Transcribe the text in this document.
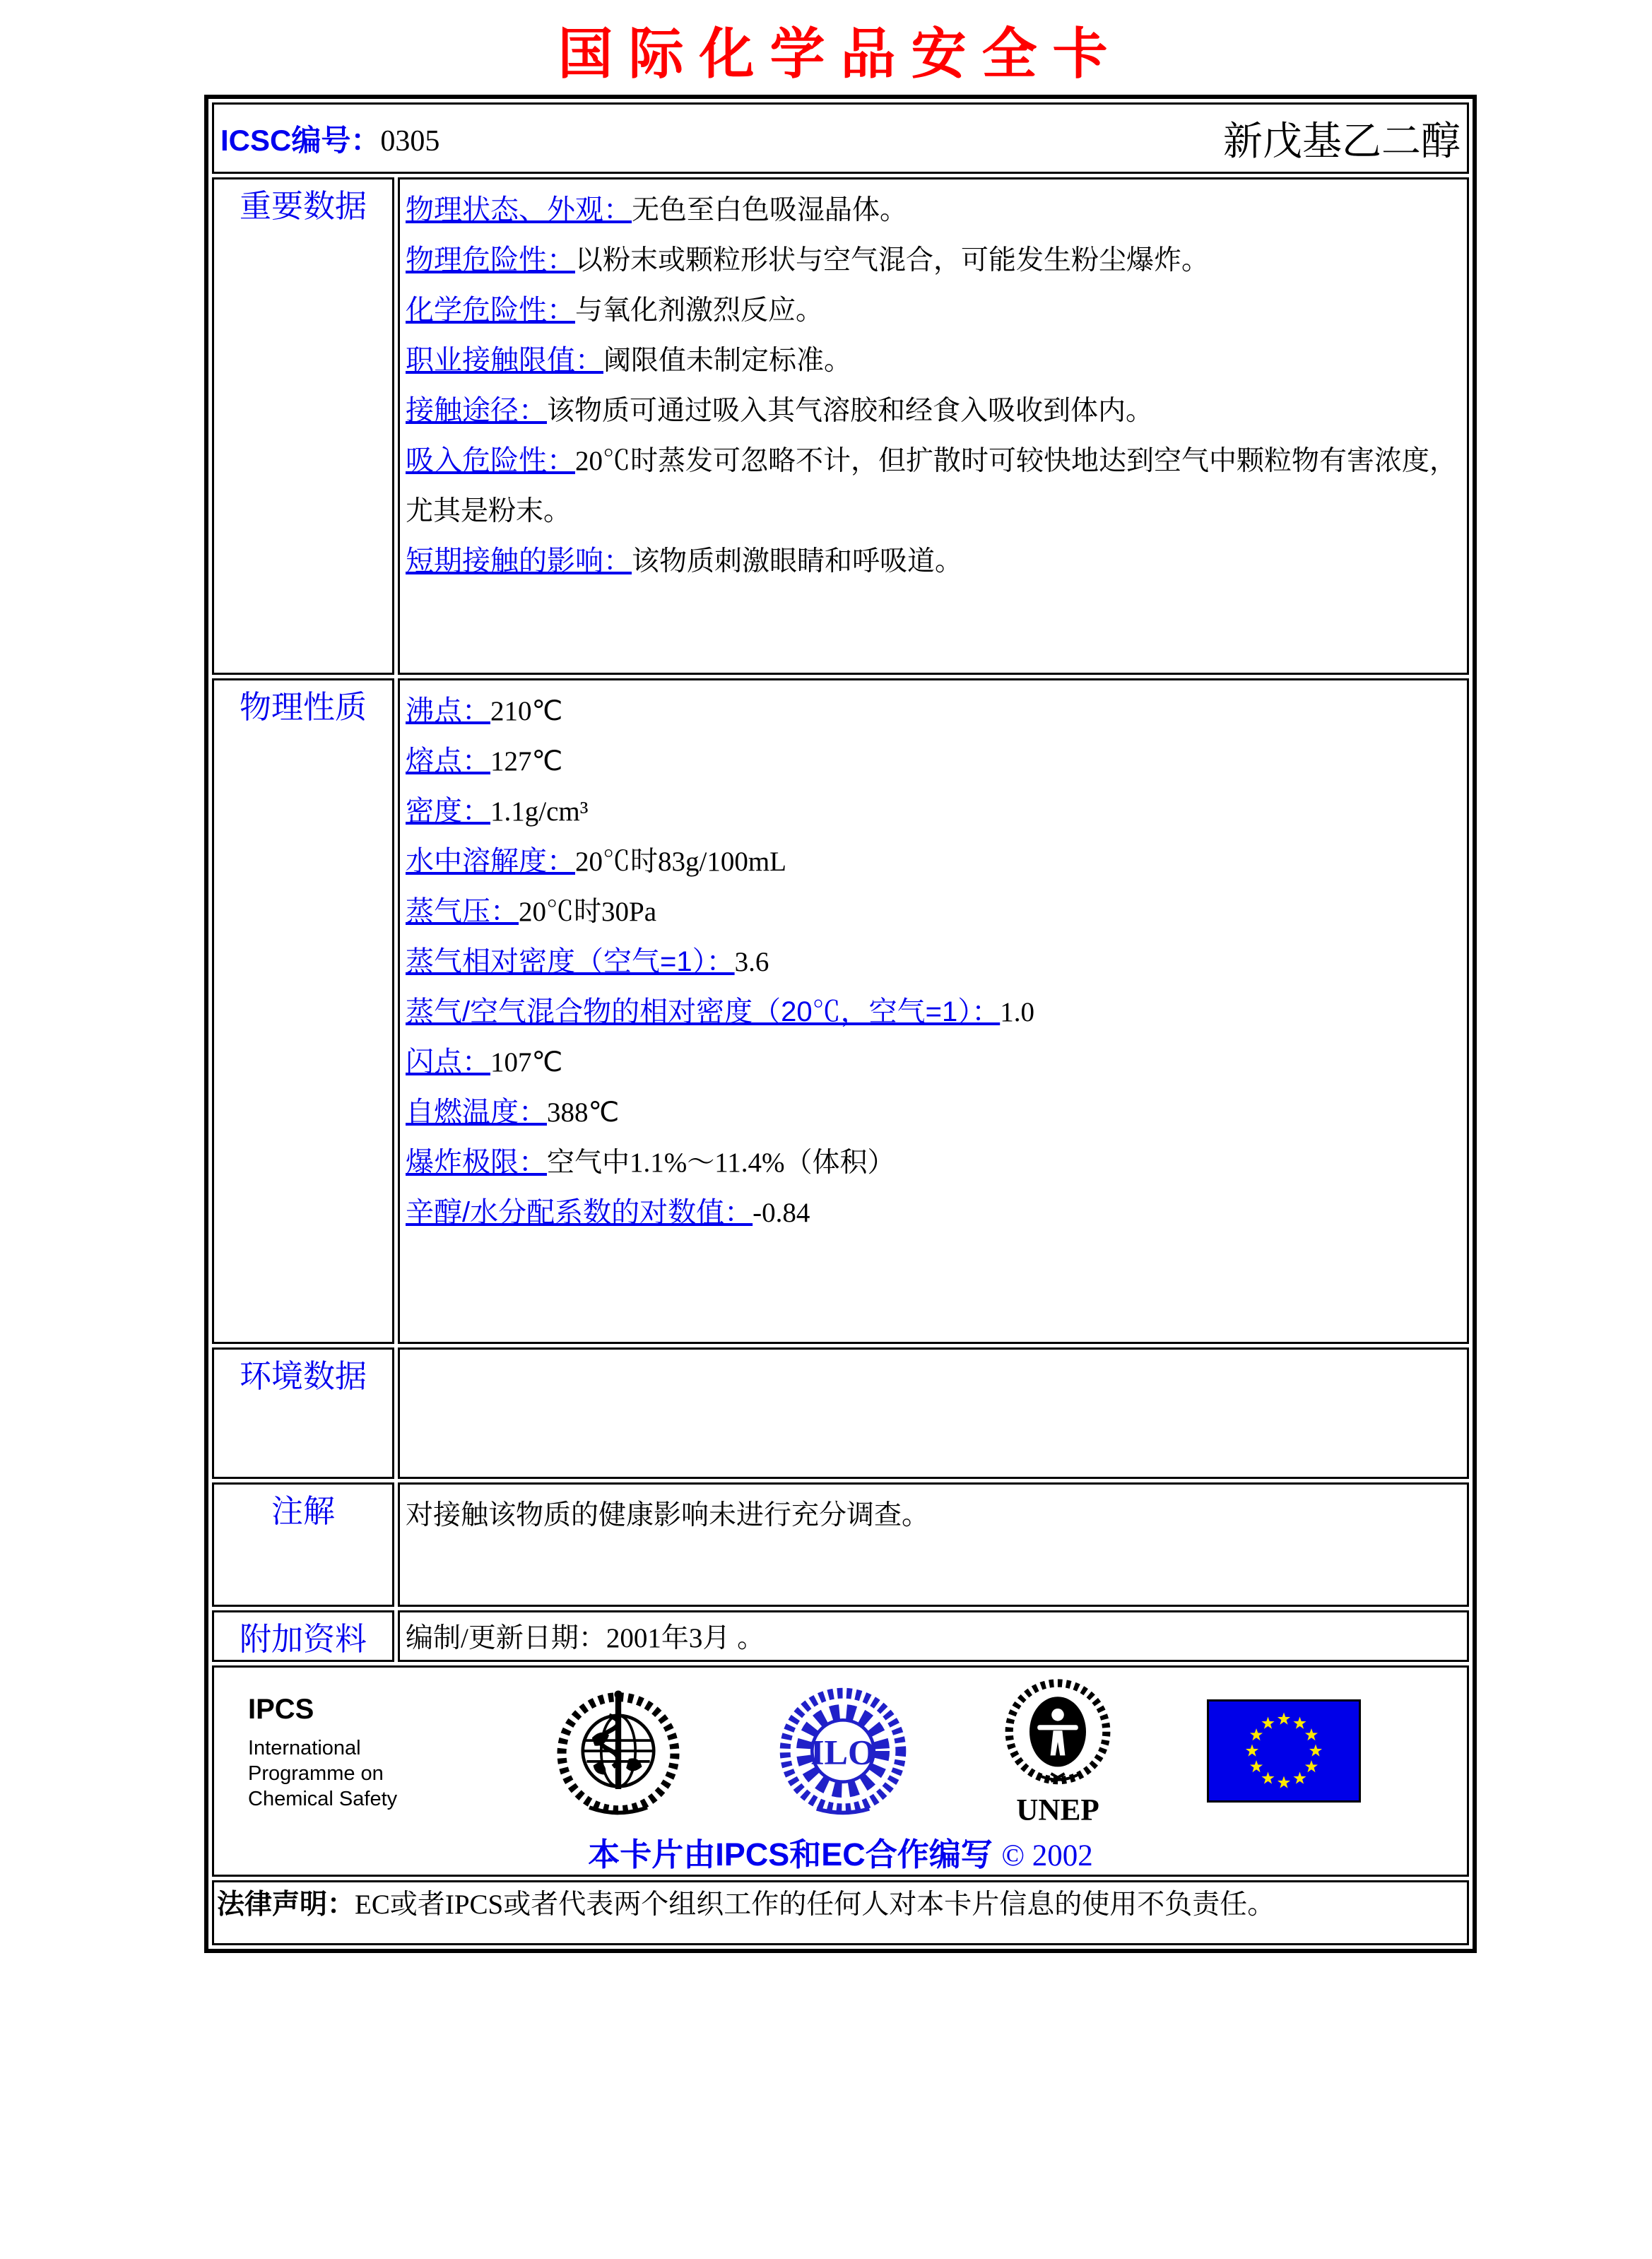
国际化学品安全卡
ICSC编号：0305 新戊基乙二醇	

重要数据	物理状态、外观：无色至白色吸湿晶体。
物理危险性：以粉末或颗粒形状与空气混合，可能发生粉尘爆炸。
化学危险性：与氧化剂激烈反应。
职业接触限值：阈限值未制定标准。
接触途径：该物质可通过吸入其气溶胶和经食入吸收到体内。
吸入危险性：20℃时蒸发可忽略不计，但扩散时可较快地达到空气中颗粒物有害浓度，尤其是粉末。
短期接触的影响：该物质刺激眼睛和呼吸道。

物理性质	沸点：210℃
熔点：127℃
密度：1.1g/cm³
水中溶解度：20℃时83g/100mL
蒸气压：20℃时30Pa
蒸气相对密度（空气=1）：3.6
蒸气/空气混合物的相对密度（20℃，空气=1）：1.0
闪点：107℃
自燃温度：388℃
爆炸极限：空气中1.1%～11.4%（体积）
辛醇/水分配系数的对数值：-0.84

环境数据	
注解	对接触该物质的健康影响未进行充分调查。

附加资料	编制/更新日期：2001年3月 。

IPCS
International
Programme on
Chemical Safety
ILO
UNEP
本卡片由IPCS和EC合作编写 © 2002

法律声明：EC或者IPCS或者代表两个组织工作的任何人对本卡片信息的使用不负责任。	
